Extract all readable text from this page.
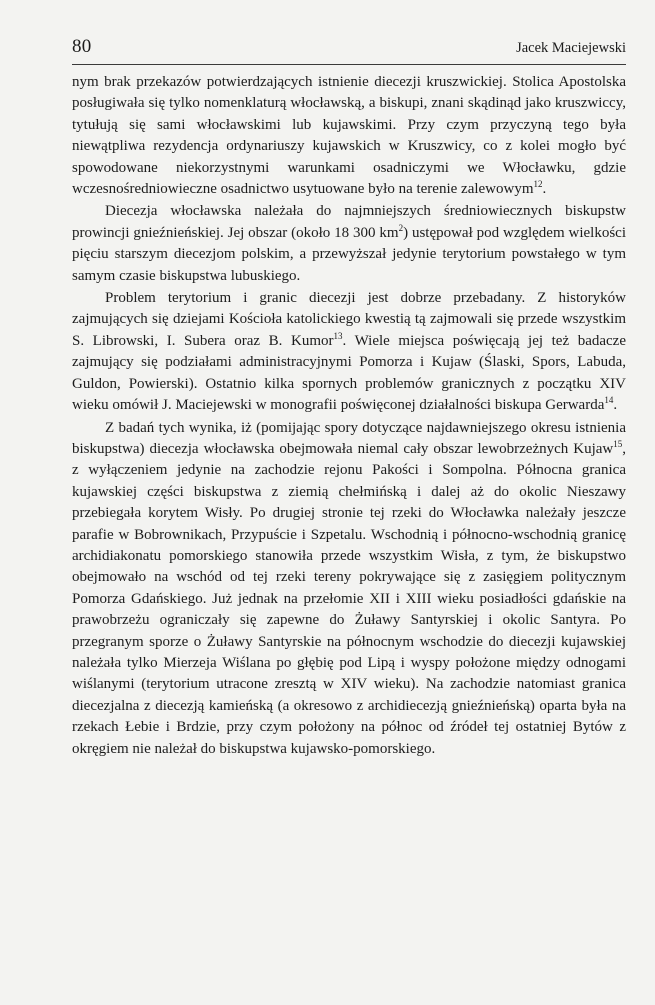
80	Jacek Maciejewski

nym brak przekazów potwierdzających istnienie diecezji kruszwickiej. Stolica Apostolska posługiwała się tylko nomenklaturą włocławską, a biskupi, znani skądinąd jako kruszwiccy, tytułują się sami włocławskimi lub kujawskimi. Przy czym przyczyną tego była niewątpliwa rezydencja ordynariuszy kujawskich w Kruszwicy, co z kolei mogło być spowodowane niekorzystnymi warunkami osadniczymi we Włocławku, gdzie wczesnośredniowieczne osadnictwo usytuowane było na terenie zalewowym$^{12}$.

Diecezja włocławska należała do najmniejszych średniowiecznych biskupstw prowincji gnieźnieńskiej. Jej obszar (około 18 300 $km^2$) ustępował pod względem wielkości pięciu starszym diecezjom polskim, a przewyższał jedynie terytorium powstałego w tym samym czasie biskupstwa lubuskiego.

Problem terytorium i granic diecezji jest dobrze przebadany. Z historyków zajmujących się dziejami Kościoła katolickiego kwestią tą zajmowali się przede wszystkim S. Librowski, I. Subera oraz B. Kumor$^{13}$. Wiele miejsca poświęcają jej też badacze zajmujący się podziałami administracyjnymi Pomorza i Kujaw (Ślaski, Spors, Labuda, Guldon, Powierski). Ostatnio kilka spornych problemów granicznych z początku XIV wieku omówił J. Maciejewski w monografii poświęconej działalności biskupa Gerwarda$^{14}$.

Z badań tych wynika, iż (pomijając spory dotyczące najdawniejszego okresu istnienia biskupstwa) diecezja włocławska obejmowała niemal cały obszar lewobrzeżnych Kujaw$^{15}$, z wyłączeniem jedynie na zachodzie rejonu Pakości i Sompolna. Północna granica kujawskiej części biskupstwa z ziemią chełmińską i dalej aż do okolic Nieszawy przebiegała korytem Wisły. Po drugiej stronie tej rzeki do Włocławka należały jeszcze parafie w Bobrownikach, Przypuście i Szpetalu. Wschodnią i północno-wschodnią granicę archidiakonatu pomorskiego stanowiła przede wszystkim Wisła, z tym, że biskupstwo obejmowało na wschód od tej rzeki tereny pokrywające się z zasięgiem politycznym Pomorza Gdańskiego. Już jednak na przełomie XII i XIII wieku posiadłości gdańskie na prawobrzeżu ograniczały się zapewne do Żuławy Santyrskiej i okolic Santyra. Po przegranym sporze o Żuławy Santyrskie na północnym wschodzie do diecezji kujawskiej należała tylko Mierzeja Wiślana po głębię pod Lipą i wyspy położone między odnogami wiślanymi (terytorium utracone zresztą w XIV wieku). Na zachodzie natomiast granica diecezjalna z diecezją kamieńską (a okresowo z archidiecezją gnieźnieńską) oparta była na rzekach Łebie i Brdzie, przy czym położony na północ od źródeł tej ostatniej Bytów z okręgiem nie należał do biskupstwa kujawsko-pomorskiego.
